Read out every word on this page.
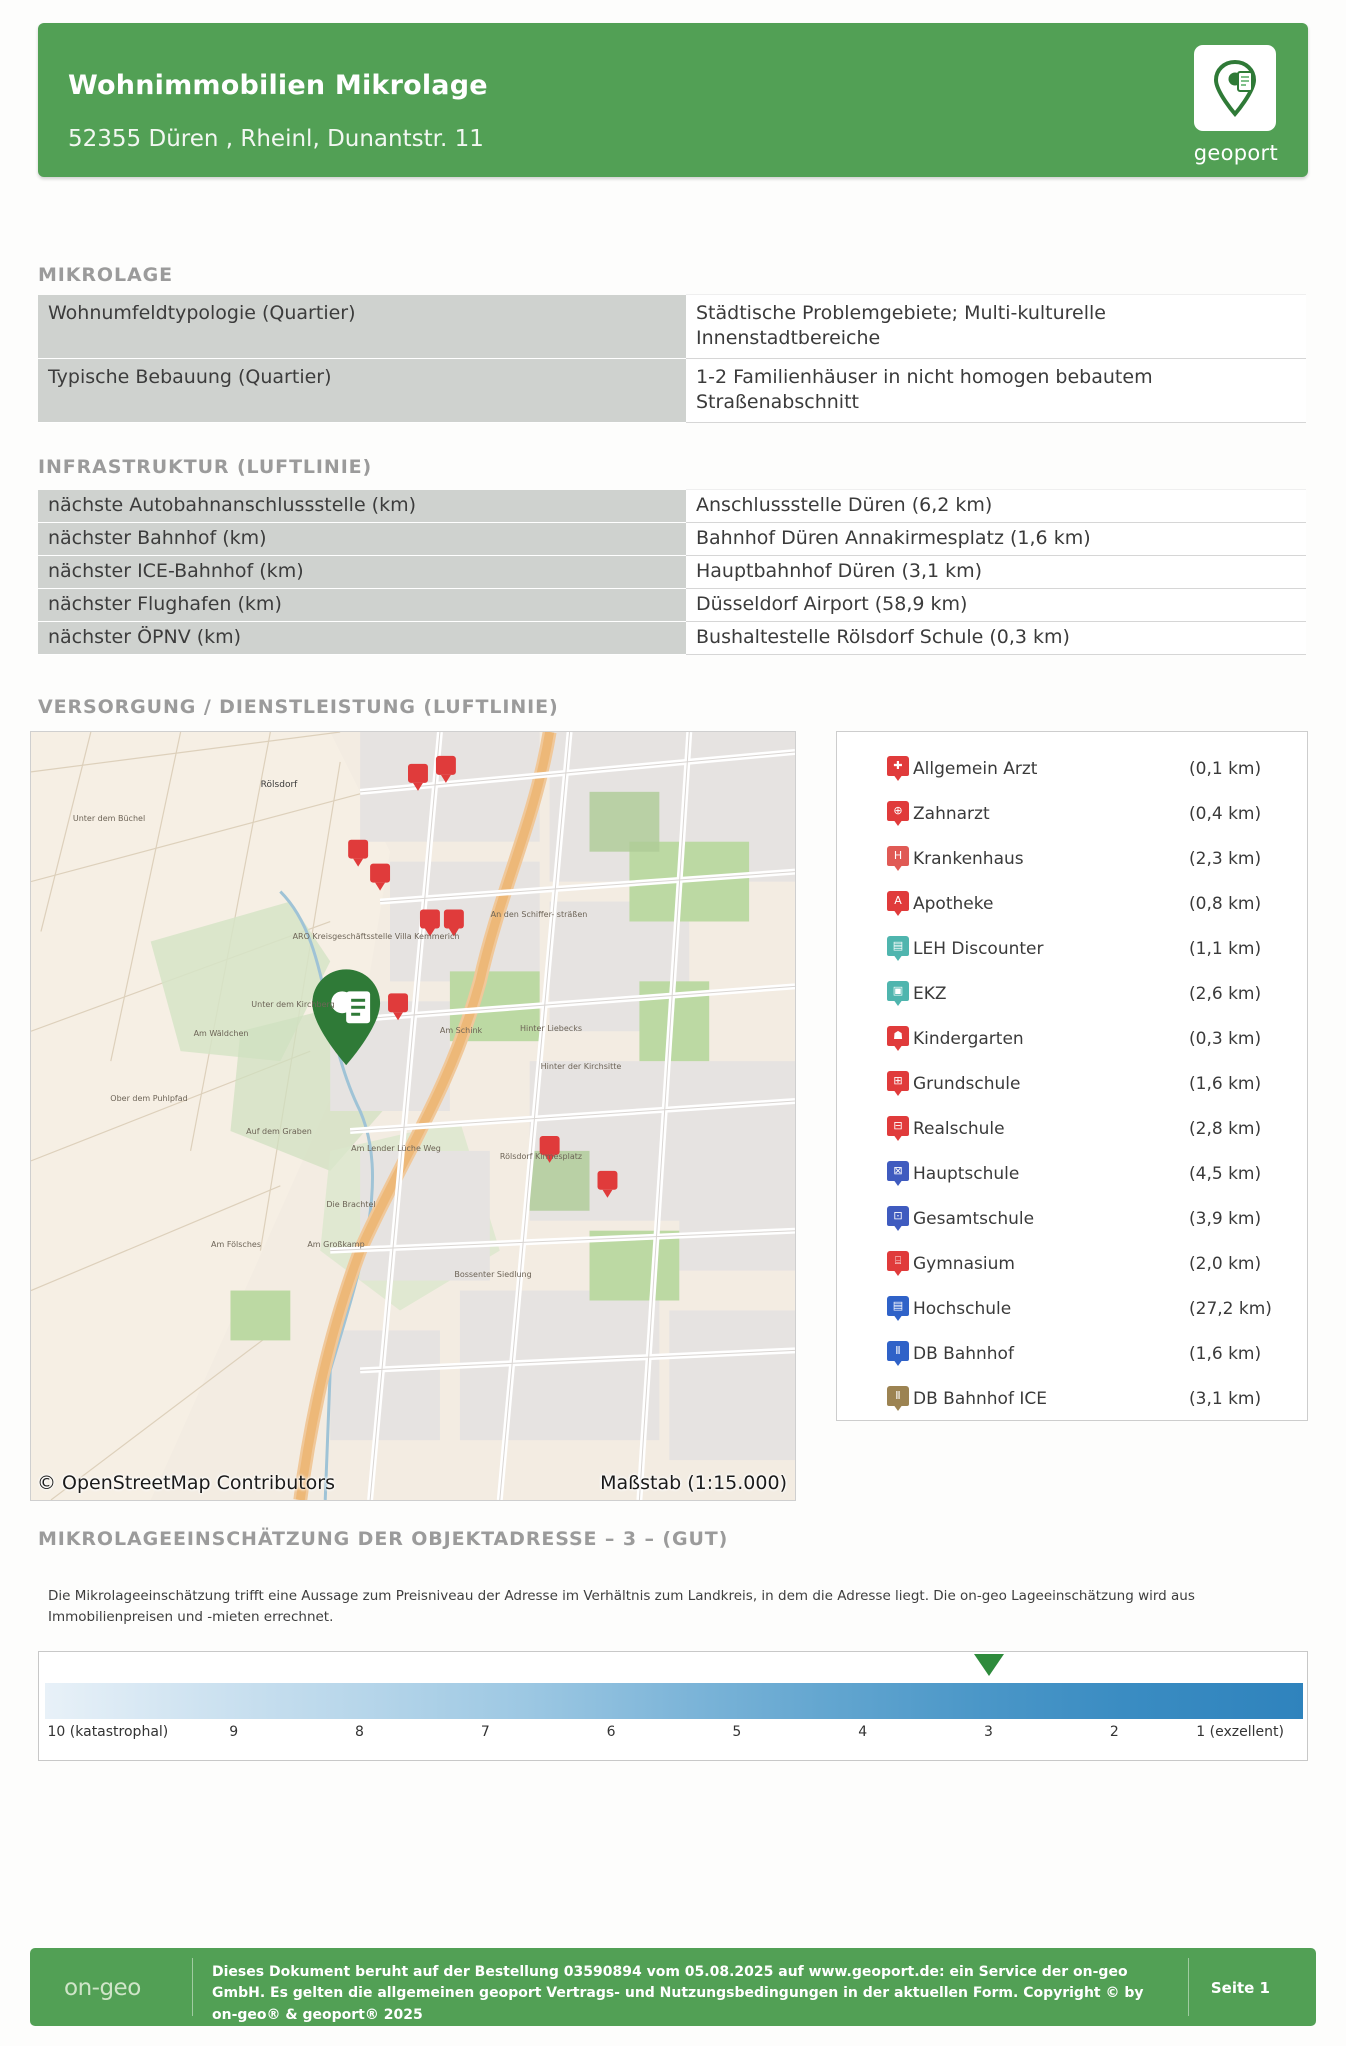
Wohnimmobilien Mikrolage
52355 Düren , Rheinl, Dunantstr. 11
geoport
MIKROLAGE
Wohnumfeldtypologie (Quartier)	Städtische Problemgebiete; Multi-kulturelle Innenstadtbereiche
Typische Bebauung (Quartier)	1-2 Familienhäuser in nicht homogen bebautem Straßenabschnitt
INFRASTRUKTUR (LUFTLINIE)
nächste Autobahnanschlussstelle (km)	Anschlussstelle Düren (6,2 km)
nächster Bahnhof (km)	Bahnhof Düren Annakirmesplatz (1,6 km)
nächster ICE-Bahnhof (km)	Hauptbahnhof Düren (3,1 km)
nächster Flughafen (km)	Düsseldorf Airport (58,9 km)
nächster ÖPNV (km)	Bushaltestelle Rölsdorf Schule (0,3 km)
VERSORGUNG / DIENSTLEISTUNG (LUFTLINIE)
© OpenStreetMap Contributors	Maßstab (1:15.000)
Rölsdorf
Unter dem Büchel
ARO Kreisgeschäftsstelle Villa Kemmerich
An den Schiffer- sträßen
Unter dem Kirchberg
Am Wäldchen	Am Schink	Hinter Liebecks
Ober dem Puhlpfad
Auf dem Graben
Hinter der Kirchsitte
Am Lender Lüche Weg
Rölsdorf Kirmesplatz
Die Brachtel
Am Fölsches	Am Großkamp
Bossenter Siedlung
✚ Allgemein Arzt	(0,1 km)
⊕ Zahnarzt	(0,4 km)
H Krankenhaus	(2,3 km)
A Apotheke	(0,8 km)
▤ LEH Discounter	(1,1 km)
▣ EKZ	(2,6 km)
☗ Kindergarten	(0,3 km)
⊞ Grundschule	(1,6 km)
⊟ Realschule	(2,8 km)
⊠ Hauptschule	(4,5 km)
⊡ Gesamtschule	(3,9 km)
⌸ Gymnasium	(2,0 km)
▤ Hochschule	(27,2 km)
Ⅱ DB Bahnhof	(1,6 km)
Ⅱ DB Bahnhof ICE	(3,1 km)
MIKROLAGEEINSCHÄTZUNG DER OBJEKTADRESSE – 3 – (GUT)
Die Mikrolageeinschätzung trifft eine Aussage zum Preisniveau der Adresse im Verhältnis zum Landkreis, in dem die Adresse liegt. Die on-geo Lageeinschätzung wird aus Immobilienpreisen und -mieten errechnet.
10 (katastrophal)	9	8	7	6	5	4	3	2	1 (exzellent)
on-geo
Dieses Dokument beruht auf der Bestellung 03590894 vom 05.08.2025 auf www.geoport.de: ein Service der on-geo GmbH. Es gelten die allgemeinen geoport Vertrags- und Nutzungsbedingungen in der aktuellen Form. Copyright © by on-geo® & geoport® 2025
Seite 1
